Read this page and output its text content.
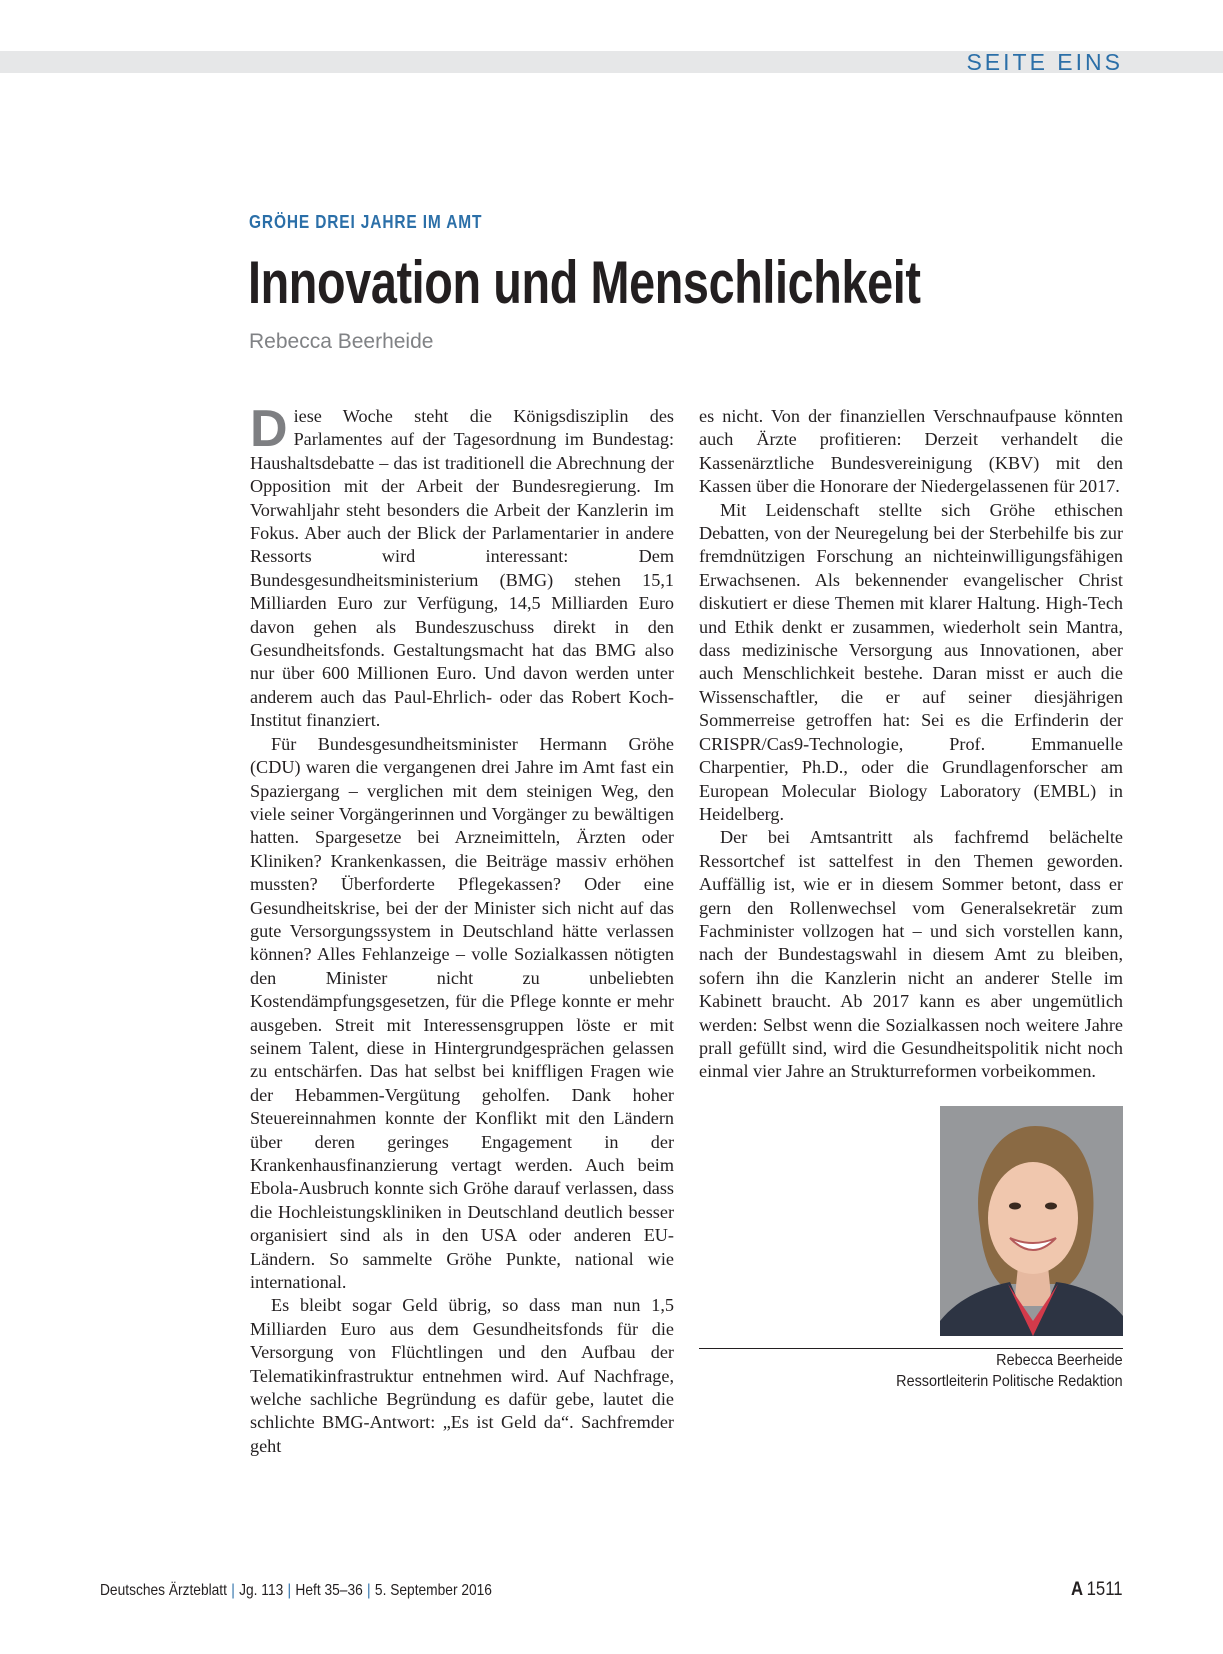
SEITE EINS
GRÖHE DREI JAHRE IM AMT
Innovation und Menschlichkeit
Rebecca Beerheide

Diese Woche steht die Königsdisziplin des Parlamentes auf der Tagesordnung im Bundestag: Haushaltsdebatte – das ist traditionell die Abrechnung der Opposition mit der Arbeit der Bundesregierung. Im Vorwahljahr steht besonders die Arbeit der Kanzlerin im Fokus. Aber auch der Blick der Parlamentarier in andere Ressorts wird interessant: Dem Bundesgesundheitsministerium (BMG) stehen 15,1 Milliarden Euro zur Verfügung, 14,5 Milliarden Euro davon gehen als Bundeszuschuss direkt in den Gesundheitsfonds. Gestaltungsmacht hat das BMG also nur über 600 Millionen Euro. Und davon werden unter anderem auch das Paul-Ehrlich- oder das Robert Koch-Institut finanziert.

Für Bundesgesundheitsminister Hermann Gröhe (CDU) waren die vergangenen drei Jahre im Amt fast ein Spaziergang – verglichen mit dem steinigen Weg, den viele seiner Vorgängerinnen und Vorgänger zu bewältigen hatten. Spargesetze bei Arzneimitteln, Ärzten oder Kliniken? Krankenkassen, die Beiträge massiv erhöhen mussten? Überforderte Pflegekassen? Oder eine Gesundheitskrise, bei der der Minister sich nicht auf das gute Versorgungssystem in Deutschland hätte verlassen können? Alles Fehlanzeige – volle Sozialkassen nötigten den Minister nicht zu unbeliebten Kostendämpfungsgesetzen, für die Pflege konnte er mehr ausgeben. Streit mit Interessensgruppen löste er mit seinem Talent, diese in Hintergrundgesprächen gelassen zu entschärfen. Das hat selbst bei kniffligen Fragen wie der Hebammen-Vergütung geholfen. Dank hoher Steuereinnahmen konnte der Konflikt mit den Ländern über deren geringes Engagement in der Krankenhausfinanzierung vertagt werden. Auch beim Ebola-Ausbruch konnte sich Gröhe darauf verlassen, dass die Hochleistungskliniken in Deutschland deutlich besser organisiert sind als in den USA oder anderen EU-Ländern. So sammelte Gröhe Punkte, national wie international.

Es bleibt sogar Geld übrig, so dass man nun 1,5 Milliarden Euro aus dem Gesundheitsfonds für die Versorgung von Flüchtlingen und den Aufbau der Telematikinfrastruktur entnehmen wird. Auf Nachfrage, welche sachliche Begründung es dafür gebe, lautet die schlichte BMG-Antwort: „Es ist Geld da“. Sachfremder geht

es nicht. Von der finanziellen Verschnaufpause könnten auch Ärzte profitieren: Derzeit verhandelt die Kassenärztliche Bundesvereinigung (KBV) mit den Kassen über die Honorare der Niedergelassenen für 2017.

Mit Leidenschaft stellte sich Gröhe ethischen Debatten, von der Neuregelung bei der Sterbehilfe bis zur fremdnützigen Forschung an nichteinwilligungsfähigen Erwachsenen. Als bekennender evangelischer Christ diskutiert er diese Themen mit klarer Haltung. High-Tech und Ethik denkt er zusammen, wiederholt sein Mantra, dass medizinische Versorgung aus Innovationen, aber auch Menschlichkeit bestehe. Daran misst er auch die Wissenschaftler, die er auf seiner diesjährigen Sommerreise getroffen hat: Sei es die Erfinderin der CRISPR/Cas9-Technologie, Prof. Emmanuelle Charpentier, Ph.D., oder die Grundlagenforscher am European Molecular Biology Laboratory (EMBL) in Heidelberg.

Der bei Amtsantritt als fachfremd belächelte Ressortchef ist sattelfest in den Themen geworden. Auffällig ist, wie er in diesem Sommer betont, dass er gern den Rollenwechsel vom Generalsekretär zum Fachminister vollzogen hat – und sich vorstellen kann, nach der Bundestagswahl in diesem Amt zu bleiben, sofern ihn die Kanzlerin nicht an anderer Stelle im Kabinett braucht. Ab 2017 kann es aber ungemütlich werden: Selbst wenn die Sozialkassen noch weitere Jahre prall gefüllt sind, wird die Gesundheitspolitik nicht noch einmal vier Jahre an Strukturreformen vorbeikommen.

Rebecca Beerheide
Ressortleiterin Politische Redaktion
Deutsches Ärzteblatt | Jg. 113 | Heft 35–36 | 5. September 2016	A 1511
